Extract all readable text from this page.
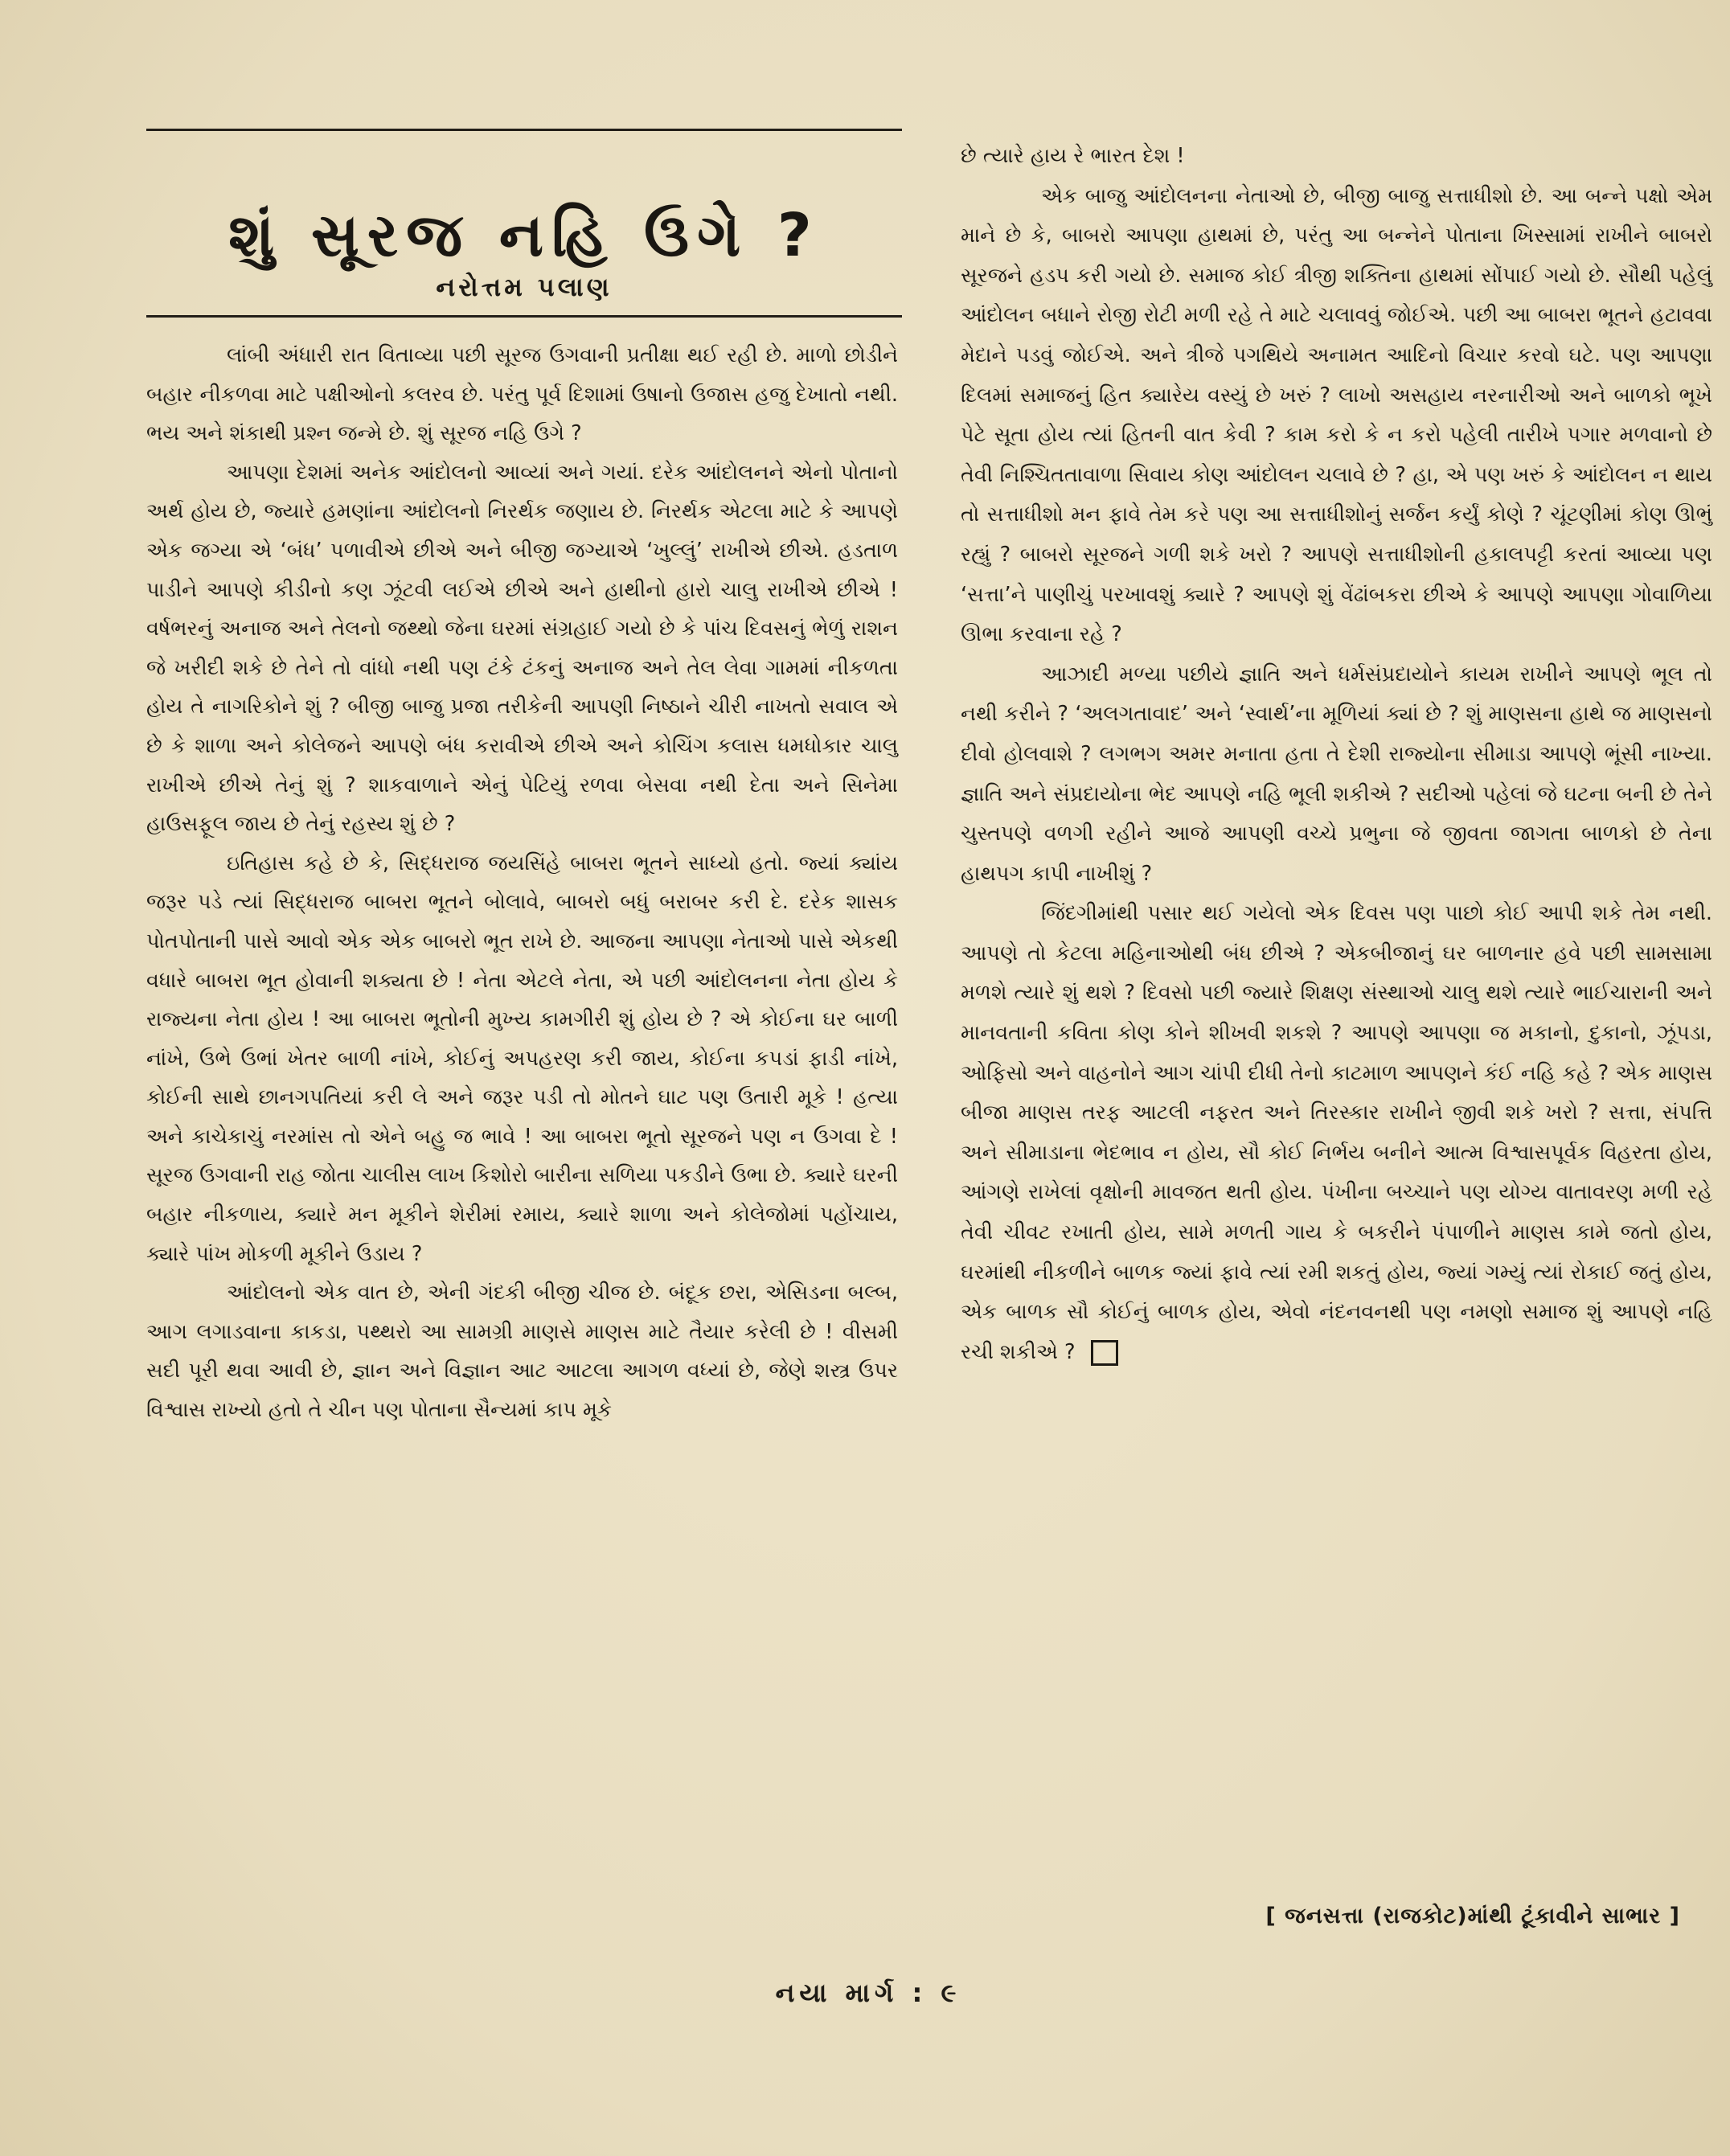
શું સૂરજ નહિ ઉગે ?
નરોત્તમ પલાણ

લાંબી અંધારી રાત વિતાવ્યા પછી સૂરજ ઉગવાની પ્રતીક્ષા થઈ રહી છે. માળો છોડીને બહાર નીકળવા માટે પક્ષીઓનો કલરવ છે. પરંતુ પૂર્વ દિશામાં ઉષાનો ઉજાસ હજુ દેખાતો નથી. ભય અને શંકાથી પ્રશ્ન જન્મે છે. શું સૂરજ નહિ ઉગે ?

આપણા દેશમાં અનેક આંદોલનો આવ્યાં અને ગયાં. દરેક આંદોલનને એનો પોતાનો અર્થ હોય છે, જ્યારે હમણાંના આંદોલનો નિરર્થક જણાય છે. નિરર્થક એટલા માટે કે આપણે એક જગ્યા એ ‘બંધ’ પળાવીએ છીએ અને બીજી જગ્યાએ ‘ખુલ્લું’ રાખીએ છીએ. હડતાળ પાડીને આપણે કીડીનો કણ ઝૂંટવી લઈએ છીએ અને હાથીનો હારો ચાલુ રાખીએ છીએ ! વર્ષભરનું અનાજ અને તેલનો જથ્થો જેના ઘરમાં સંગ્રહાઈ ગયો છે કે પાંચ દિવસનું ભેળું રાશન જે ખરીદી શકે છે તેને તો વાંધો નથી પણ ટંકે ટંકનું અનાજ અને તેલ લેવા ગામમાં નીકળતા હોય તે નાગરિકોને શું ? બીજી બાજુ પ્રજા તરીકેની આપણી નિષ્ઠાને ચીરી નાખતો સવાલ એ છે કે શાળા અને કોલેજને આપણે બંધ કરાવીએ છીએ અને કોચિંગ કલાસ ધમધોકાર ચાલુ રાખીએ છીએ તેનું શું ? શાકવાળાને એનું પેટિયું રળવા બેસવા નથી દેતા અને સિનેમા હાઉસફૂલ જાય છે તેનું રહસ્ય શું છે ?

ઇતિહાસ કહે છે કે, સિદ્ધરાજ જયસિંહે બાબરા ભૂતને સાધ્યો હતો. જ્યાં ક્યાંય જરૂર પડે ત્યાં સિદ્ધરાજ બાબરા ભૂતને બોલાવે, બાબરો બધું બરાબર કરી દે. દરેક શાસક પોતપોતાની પાસે આવો એક એક બાબરો ભૂત રાખે છે. આજના આપણા નેતાઓ પાસે એકથી વધારે બાબરા ભૂત હોવાની શક્યતા છે ! નેતા એટલે નેતા, એ પછી આંદોલનના નેતા હોય કે રાજ્યના નેતા હોય ! આ બાબરા ભૂતોની મુખ્ય કામગીરી શું હોય છે ? એ કોઈના ઘર બાળી નાંખે, ઉભે ઉભાં ખેતર બાળી નાંખે, કોઈનું અપહરણ કરી જાય, કોઈના કપડાં ફાડી નાંખે, કોઈની સાથે છાનગપતિયાં કરી લે અને જરૂર પડી તો મોતને ઘાટ પણ ઉતારી મૂકે ! હત્યા અને કાચેકાચું નરમાંસ તો એને બહુ જ ભાવે ! આ બાબરા ભૂતો સૂરજને પણ ન ઉગવા દે ! સૂરજ ઉગવાની રાહ જોતા ચાલીસ લાખ કિશોરો બારીના સળિયા પકડીને ઉભા છે. ક્યારે ઘરની બહાર નીકળાય, ક્યારે મન મૂકીને શેરીમાં રમાય, ક્યારે શાળા અને કોલેજોમાં પહોંચાય, ક્યારે પાંખ મોકળી મૂકીને ઉડાય ?

આંદોલનો એક વાત છે, એની ગંદકી બીજી ચીજ છે. બંદૂક છરા, એસિડના બલ્બ, આગ લગાડવાના કાકડા, પથ્થરો આ સામગ્રી માણસે માણસ માટે તૈયાર કરેલી છે ! વીસમી સદી પૂરી થવા આવી છે, જ્ઞાન અને વિજ્ઞાન આટ આટલા આગળ વધ્યાં છે, જેણે શસ્ત્ર ઉપર વિશ્વાસ રાખ્યો હતો તે ચીન પણ પોતાના સૈન્યમાં કાપ મૂકે

છે ત્યારે હાય રે ભારત દેશ !

એક બાજુ આંદોલનના નેતાઓ છે, બીજી બાજુ સત્તાધીશો છે. આ બન્ને પક્ષો એમ માને છે કે, બાબરો આપણા હાથમાં છે, પરંતુ આ બન્નેને પોતાના ખિસ્સામાં રાખીને બાબરો સૂરજને હડપ કરી ગયો છે. સમાજ કોઈ ત્રીજી શક્તિના હાથમાં સોંપાઈ ગયો છે. સૌથી પહેલું આંદોલન બધાને રોજી રોટી મળી રહે તે માટે ચલાવવું જોઈએ. પછી આ બાબરા ભૂતને હટાવવા મેદાને પડવું જોઈએ. અને ત્રીજે પગથિયે અનામત આદિનો વિચાર કરવો ઘટે. પણ આપણા દિલમાં સમાજનું હિત ક્યારેય વસ્યું છે ખરું ? લાખો અસહાય નરનારીઓ અને બાળકો ભૂખે પેટે સૂતા હોય ત્યાં હિતની વાત કેવી ? કામ કરો કે ન કરો પહેલી તારીખે પગાર મળવાનો છે તેવી નિશ્ચિતતાવાળા સિવાય કોણ આંદોલન ચલાવે છે ? હા, એ પણ ખરું કે આંદોલન ન થાય તો સત્તાધીશો મન ફાવે તેમ કરે પણ આ સત્તાધીશોનું સર્જન કર્યું કોણે ? ચૂંટણીમાં કોણ ઊભું રહ્યું ? બાબરો સૂરજને ગળી શકે ખરો ? આપણે સત્તાધીશોની હકાલપટ્ટી કરતાં આવ્યા પણ ‘સત્તા’ને પાણીચું પરખાવશું ક્યારે ? આપણે શું વેંઢાંબકરા છીએ કે આપણે આપણા ગોવાળિયા ઊભા કરવાના રહે ?

આઝાદી મળ્યા પછીયે જ્ઞાતિ અને ધર્મસંપ્રદાયોને કાયમ રાખીને આપણે ભૂલ તો નથી કરીને ? ‘અલગતાવાદ’ અને ‘સ્વાર્થ’ના મૂળિયાં ક્યાં છે ? શું માણસના હાથે જ માણસનો દીવો હોલવાશે ? લગભગ અમર મનાતા હતા તે દેશી રાજ્યોના સીમાડા આપણે ભૂંસી નાખ્યા. જ્ઞાતિ અને સંપ્રદાયોના ભેદ આપણે નહિ ભૂલી શકીએ ? સદીઓ પહેલાં જે ઘટના બની છે તેને ચુસ્તપણે વળગી રહીને આજે આપણી વચ્ચે પ્રભુના જે જીવતા જાગતા બાળકો છે તેના હાથપગ કાપી નાખીશું ?

જિંદગીમાંથી પસાર થઈ ગયેલો એક દિવસ પણ પાછો કોઈ આપી શકે તેમ નથી. આપણે તો કેટલા મહિનાઓથી બંધ છીએ ? એકબીજાનું ઘર બાળનાર હવે પછી સામસામા મળશે ત્યારે શું થશે ? દિવસો પછી જ્યારે શિક્ષણ સંસ્થાઓ ચાલુ થશે ત્યારે ભાઈચારાની અને માનવતાની કવિતા કોણ કોને શીખવી શકશે ? આપણે આપણા જ મકાનો, દુકાનો, ઝૂંપડા, ઓફિસો અને વાહનોને આગ ચાંપી દીધી તેનો કાટમાળ આપણને કંઈ નહિ કહે ? એક માણસ બીજા માણસ તરફ આટલી નફરત અને તિરસ્કાર રાખીને જીવી શકે ખરો ? સત્તા, સંપત્તિ અને સીમાડાના ભેદભાવ ન હોય, સૌ કોઈ નિર્ભય બનીને આત્મ વિશ્વાસપૂર્વક વિહરતા હોય, આંગણે રાખેલાં વૃક્ષોની માવજત થતી હોય. પંખીના બચ્ચાને પણ યોગ્ય વાતાવરણ મળી રહે તેવી ચીવટ રખાતી હોય, સામે મળતી ગાય કે બકરીને પંપાળીને માણસ કામે જતો હોય, ઘરમાંથી નીકળીને બાળક જ્યાં ફાવે ત્યાં રમી શકતું હોય, જ્યાં ગમ્યું ત્યાં રોકાઈ જતું હોય, એક બાળક સૌ કોઈનું બાળક હોય, એવો નંદનવનથી પણ નમણો સમાજ શું આપણે નહિ રચી શકીએ ?

[ જનસત્તા (રાજકોટ)માંથી ટૂંકાવીને સાભાર ]
નયા માર્ગ : ૯
